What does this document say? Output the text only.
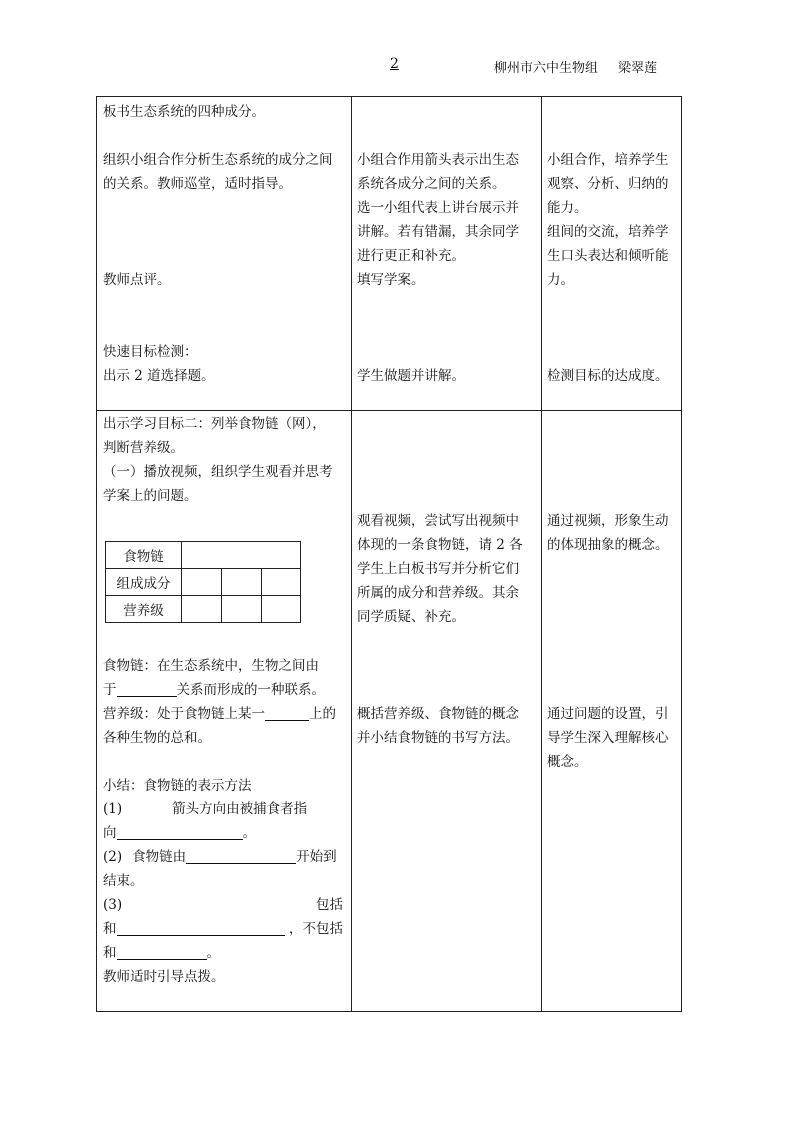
2	柳州市六中生物组 梁翠莲
板书生态系统的四种成分。
组织小组合作分析生态系统的成分之间
的关系。教师巡堂，适时指导。
教师点评。
快速目标检测：
出示 2 道选择题。

小组合作用箭头表示出生态
系统各成分之间的关系。
选一小组代表上讲台展示并
讲解。若有错漏，其余同学
进行更正和补充。
填写学案。
学生做题并讲解。

小组合作，培养学生
观察、分析、归纳的
能力。
组间的交流，培养学
生口头表达和倾听能
力。
检测目标的达成度。

出示学习目标二：列举食物链（网），
判断营养级。
（一）播放视频，组织学生观看并思考
学案上的问题。
食物链	
组成成分			
营养级			
食物链：在生态系统中，生物之间由
于	关系而形成的一种联系。
营养级：处于食物链上某一	上的
各种生物的总和。
小结：食物链的表示方法
(1)	箭头方向由被捕食者指
向	。
(2) 食物链由	开始到
结束。
(3)	包括
和	，不包括
和	。
教师适时引导点拨。

观看视频，尝试写出视频中
体现的一条食物链，请 2 各
学生上白板书写并分析它们
所属的成分和营养级。其余
同学质疑、补充。
概括营养级、食物链的概念
并小结食物链的书写方法。

通过视频，形象生动
的体现抽象的概念。
通过问题的设置，引
导学生深入理解核心
概念。
